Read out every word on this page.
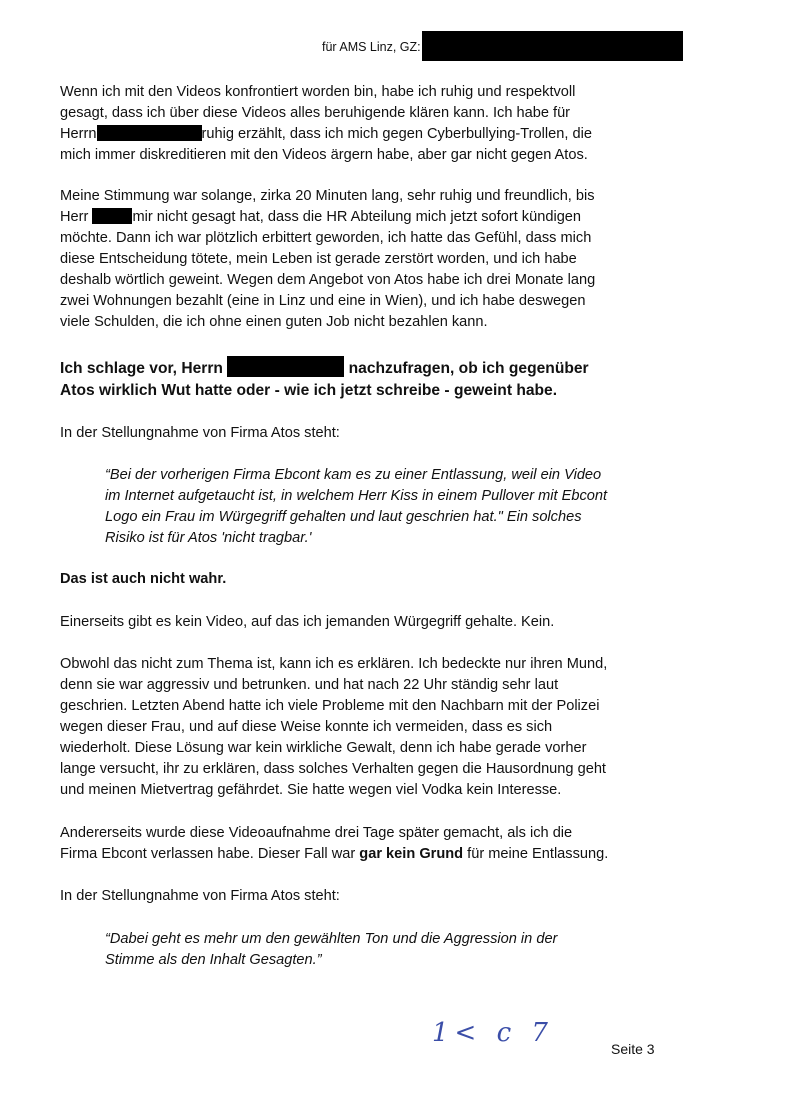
für AMS Linz, GZ:

Wenn ich mit den Videos konfrontiert worden bin, habe ich ruhig und respektvoll
gesagt, dass ich über diese Videos alles beruhigende klären kann. Ich habe für
Herrn	ruhig erzählt, dass ich mich gegen Cyberbullying-Trollen, die
mich immer diskreditieren mit den Videos ärgern habe, aber gar nicht gegen Atos.

Meine Stimmung war solange, zirka 20 Minuten lang, sehr ruhig und freundlich, bis
Herr	mir nicht gesagt hat, dass die HR Abteilung mich jetzt sofort kündigen
möchte. Dann ich war plötzlich erbittert geworden, ich hatte das Gefühl, dass mich
diese Entscheidung tötete, mein Leben ist gerade zerstört worden, und ich habe
deshalb wörtlich geweint. Wegen dem Angebot von Atos habe ich drei Monate lang
zwei Wohnungen bezahlt (eine in Linz und eine in Wien), und ich habe deswegen
viele Schulden, die ich ohne einen guten Job nicht bezahlen kann.

Ich schlage vor, Herrn	nachzufragen, ob ich gegenüber
Atos wirklich Wut hatte oder - wie ich jetzt schreibe - geweint habe.

In der Stellungnahme von Firma Atos steht:

“Bei der vorherigen Firma Ebcont kam es zu einer Entlassung, weil ein Video
im Internet aufgetaucht ist, in welchem Herr Kiss in einem Pullover mit Ebcont
Logo ein Frau im Würgegriff gehalten und laut geschrien hat." Ein solches
Risiko ist für Atos 'nicht tragbar.'

Das ist auch nicht wahr.

Einerseits gibt es kein Video, auf das ich jemanden Würgegriff gehalte. Kein.

Obwohl das nicht zum Thema ist, kann ich es erklären. Ich bedeckte nur ihren Mund,
denn sie war aggressiv und betrunken. und hat nach 22 Uhr ständig sehr laut
geschrien. Letzten Abend hatte ich viele Probleme mit den Nachbarn mit der Polizei
wegen dieser Frau, und auf diese Weise konnte ich vermeiden, dass es sich
wiederholt. Diese Lösung war kein wirkliche Gewalt, denn ich habe gerade vorher
lange versucht, ihr zu erklären, dass solches Verhalten gegen die Hausordnung geht
und meinen Mietvertrag gefährdet. Sie hatte wegen viel Vodka kein Interesse.

Andererseits wurde diese Videoaufnahme drei Tage später gemacht, als ich die
Firma Ebcont verlassen habe. Dieser Fall war gar kein Grund für meine Entlassung.

In der Stellungnahme von Firma Atos steht:

“Dabei geht es mehr um den gewählten Ton und die Aggression in der
Stimme als den Inhalt Gesagten.”

1< c 7
Seite 3
